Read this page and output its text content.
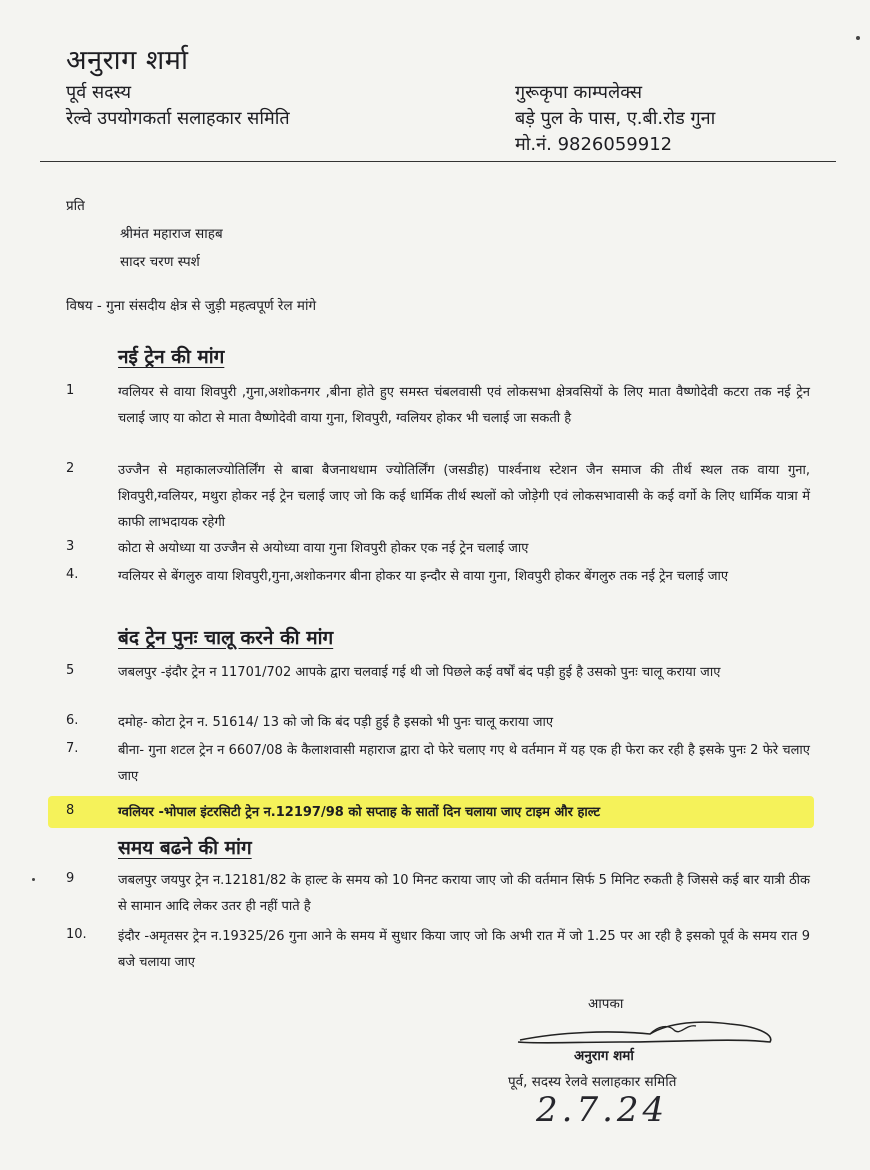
अनुराग शर्मा
पूर्व सदस्य
रेल्वे उपयोगकर्ता सलाहकार समिति
गुरूकृपा काम्पलेक्स
बड़े पुल के पास, ए.बी.रोड गुना
मो.नं. 9826059912
प्रति
श्रीमंत महाराज साहब
सादर चरण स्पर्श
विषय - गुना संसदीय क्षेत्र से जुड़ी महत्वपूर्ण रेल मांगे
नई ट्रेन की मांग
1	ग्वलियर से वाया शिवपुरी ,गुना,अशोकनगर ,बीना होते हुए समस्त चंबलवासी एवं लोकसभा क्षेत्रवसियों के लिए माता वैष्णोदेवी कटरा तक नई ट्रेन चलाई जाए या कोटा से माता वैष्णोदेवी वाया गुना, शिवपुरी, ग्वलियर होकर भी चलाई जा सकती है
2	उज्जैन से महाकालज्योतिर्लिंग से बाबा बैजनाथधाम ज्योतिर्लिंग (जसडीह) पार्श्वनाथ स्टेशन जैन समाज की तीर्थ स्थल तक वाया गुना, शिवपुरी,ग्वलियर, मथुरा होकर नई ट्रेन चलाई जाए जो कि कई धार्मिक तीर्थ स्थलों को जोड़ेगी एवं लोकसभावासी के कई वर्गो के लिए धार्मिक यात्रा में काफी लाभदायक रहेगी
3	कोटा से अयोध्या या उज्जैन से अयोध्या वाया गुना शिवपुरी होकर एक नई ट्रेन चलाई जाए
4.	ग्वलियर से बेंगलुरु वाया शिवपुरी,गुना,अशोकनगर बीना होकर या इन्दौर से वाया गुना, शिवपुरी होकर बेंगलुरु तक नई ट्रेन चलाई जाए
बंद ट्रेन पुनः चालू करने की मांग
5	जबलपुर -इंदौर ट्रेन न 11701/702 आपके द्वारा चलवाई गई थी जो पिछले कई वर्षों बंद पड़ी हुई है उसको पुनः चालू कराया जाए
6.	दमोह- कोटा ट्रेन न. 51614/ 13 को जो कि बंद पड़ी हुई है इसको भी पुनः चालू कराया जाए
7.	बीना- गुना शटल ट्रेन न 6607/08 के कैलाशवासी महाराज द्वारा दो फेरे चलाए गए थे वर्तमान में यह एक ही फेरा कर रही है इसके पुनः 2 फेरे चलाए जाए
8	ग्वलियर -भोपाल इंटरसिटी ट्रेन न.12197/98 को सप्ताह के सातों दिन चलाया जाए टाइम और हाल्ट
समय बढने की मांग
9	जबलपुर जयपुर ट्रेन न.12181/82 के हाल्ट के समय को 10 मिनट कराया जाए जो की वर्तमान सिर्फ 5 मिनिट रुकती है जिससे कई बार यात्री ठीक से सामान आदि लेकर उतर ही नहीं पाते है
10. इंदौर -अमृतसर ट्रेन न.19325/26 गुना आने के समय में सुधार किया जाए जो कि अभी रात में जो 1.25 पर आ रही है इसको पूर्व के समय रात 9 बजे चलाया जाए
आपका
अनुराग शर्मा
पूर्व, सदस्य रेलवे सलाहकार समिति
2.7.24
